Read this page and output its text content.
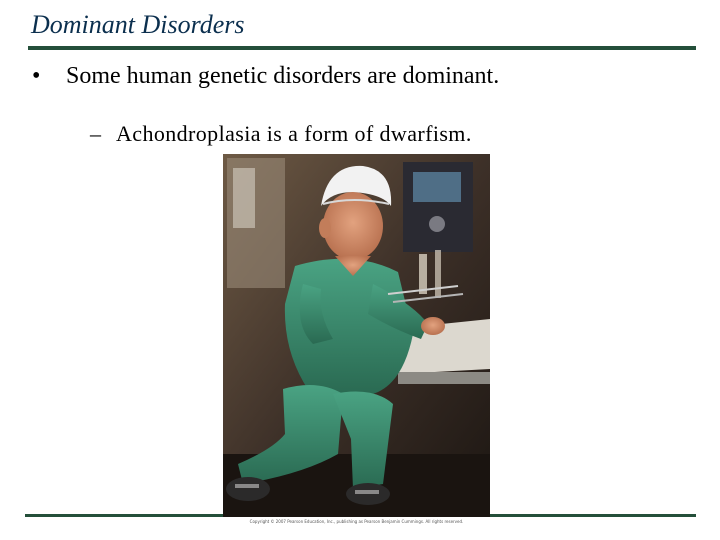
Dominant Disorders
• Some human genetic disorders are dominant.
– Achondroplasia is a form of dwarfism.
Copyright © 2007 Pearson Education, Inc., publishing as Pearson Benjamin Cummings. All rights reserved.
